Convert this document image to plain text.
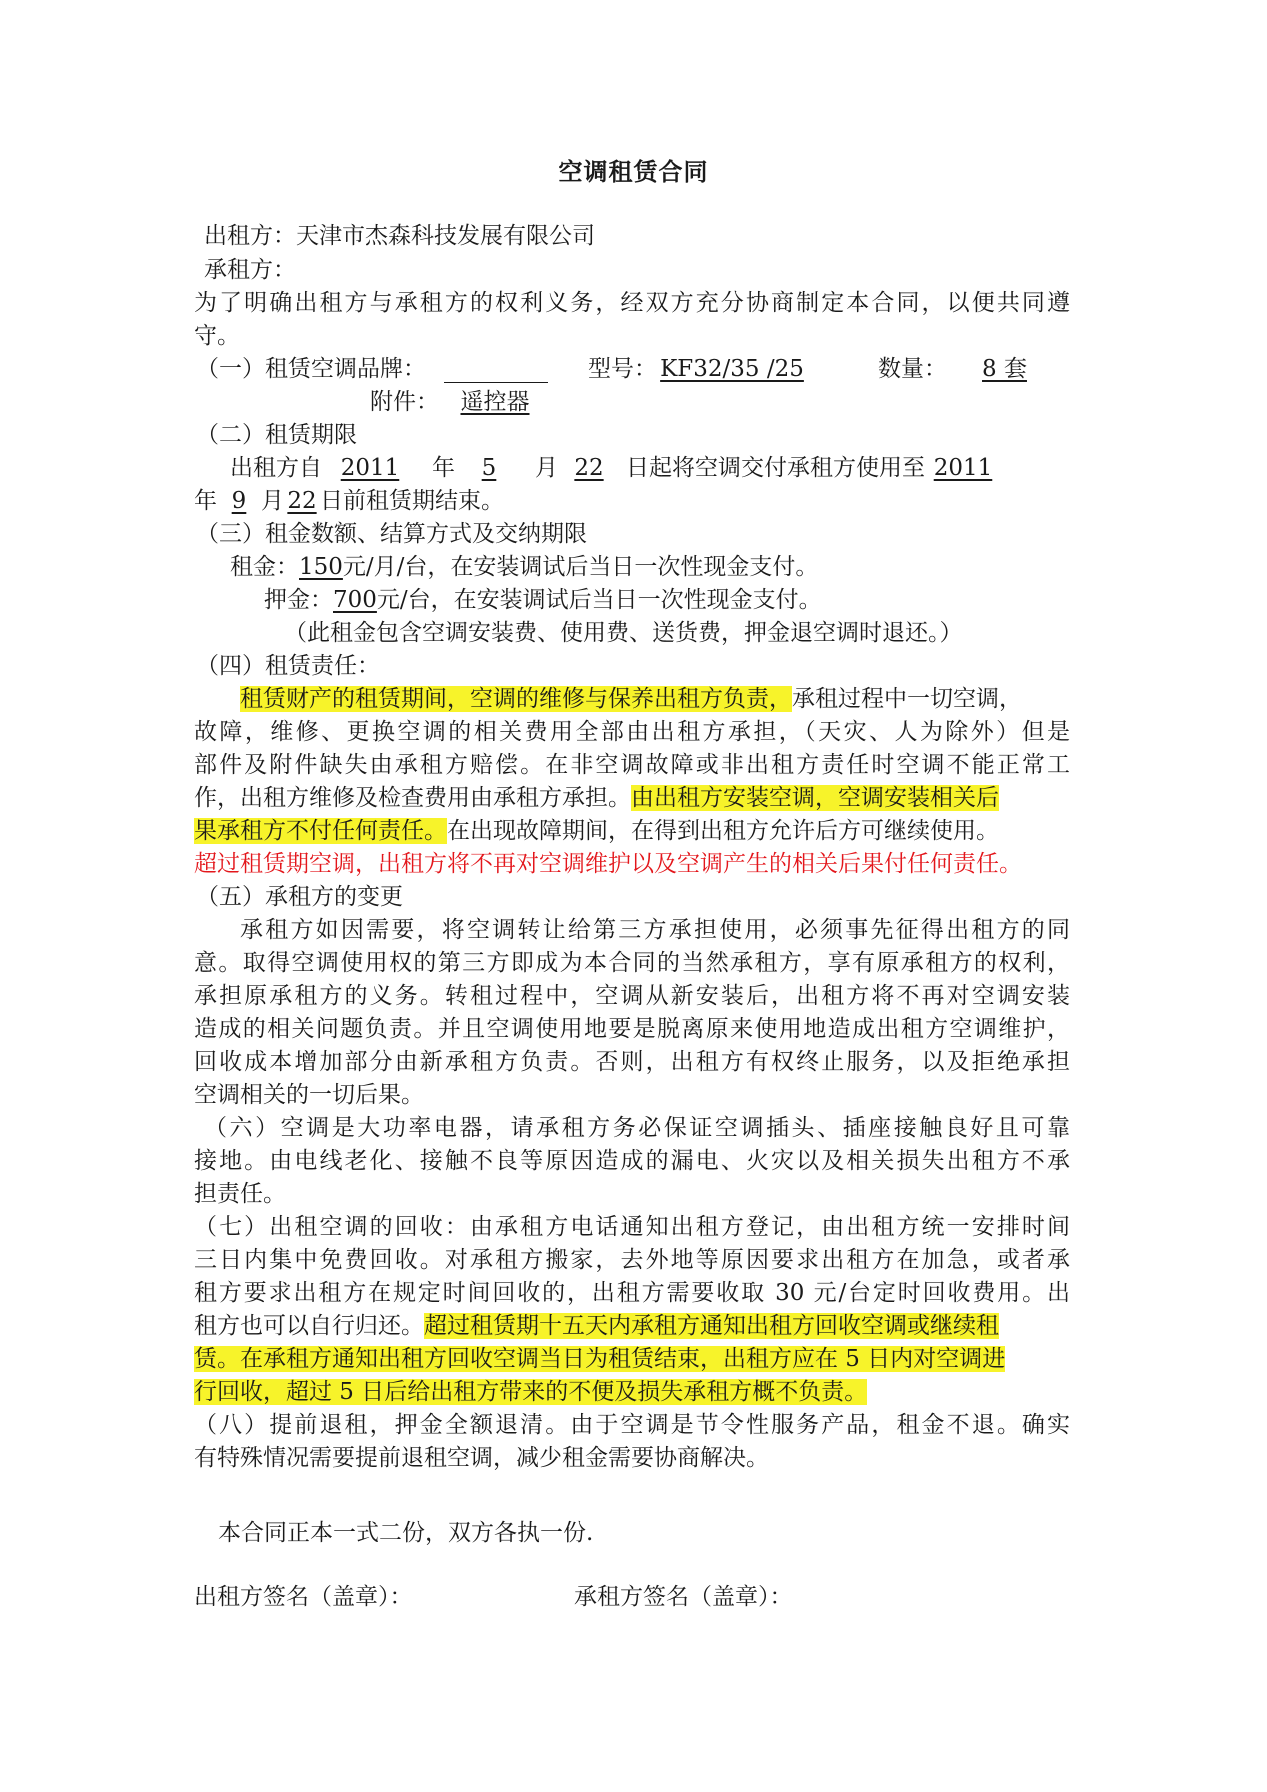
空调租赁合同
出租方：天津市杰森科技发展有限公司
承租方：
为了明确出租方与承租方的权利义务，经双方充分协商制定本合同，以便共同遵
守。
（一）租赁空调品牌：	型号： KF32/35 /25	数量： 8 套
附件： 遥控器
（二）租赁期限
出租方自 2011 年 5 月 22 日起将空调交付承租方使用至 2011
年 9 月 22 日前租赁期结束。
（三）租金数额、结算方式及交纳期限
租金：150元/月/台，在安装调试后当日一次性现金支付。
押金：700元/台，在安装调试后当日一次性现金支付。
（此租金包含空调安装费、使用费、送货费，押金退空调时退还。）
（四）租赁责任：
租赁财产的租赁期间，空调的维修与保养出租方负责，承租过程中一切空调，
故障，维修、更换空调的相关费用全部由出租方承担，（天灾、人为除外）但是
部件及附件缺失由承租方赔偿。在非空调故障或非出租方责任时空调不能正常工
作，出租方维修及检查费用由承租方承担。由出租方安装空调，空调安装相关后
果承租方不付任何责任。在出现故障期间，在得到出租方允许后方可继续使用。
超过租赁期空调，出租方将不再对空调维护以及空调产生的相关后果付任何责任。
（五）承租方的变更
承租方如因需要，将空调转让给第三方承担使用，必须事先征得出租方的同
意。取得空调使用权的第三方即成为本合同的当然承租方，享有原承租方的权利，
承担原承租方的义务。转租过程中，空调从新安装后，出租方将不再对空调安装
造成的相关问题负责。并且空调使用地要是脱离原来使用地造成出租方空调维护，
回收成本增加部分由新承租方负责。否则，出租方有权终止服务，以及拒绝承担
空调相关的一切后果。
（六）空调是大功率电器，请承租方务必保证空调插头、插座接触良好且可靠
接地。由电线老化、接触不良等原因造成的漏电、火灾以及相关损失出租方不承
担责任。
（七）出租空调的回收：由承租方电话通知出租方登记，由出租方统一安排时间
三日内集中免费回收。对承租方搬家，去外地等原因要求出租方在加急，或者承
租方要求出租方在规定时间回收的，出租方需要收取 30 元/台定时回收费用。出
租方也可以自行归还。超过租赁期十五天内承租方通知出租方回收空调或继续租
赁。在承租方通知出租方回收空调当日为租赁结束，出租方应在 5 日内对空调进
行回收，超过 5 日后给出租方带来的不便及损失承租方概不负责。
（八）提前退租，押金全额退清。由于空调是节令性服务产品，租金不退。确实
有特殊情况需要提前退租空调，减少租金需要协商解决。
本合同正本一式二份，双方各执一份.
出租方签名（盖章）：	承租方签名（盖章）：
